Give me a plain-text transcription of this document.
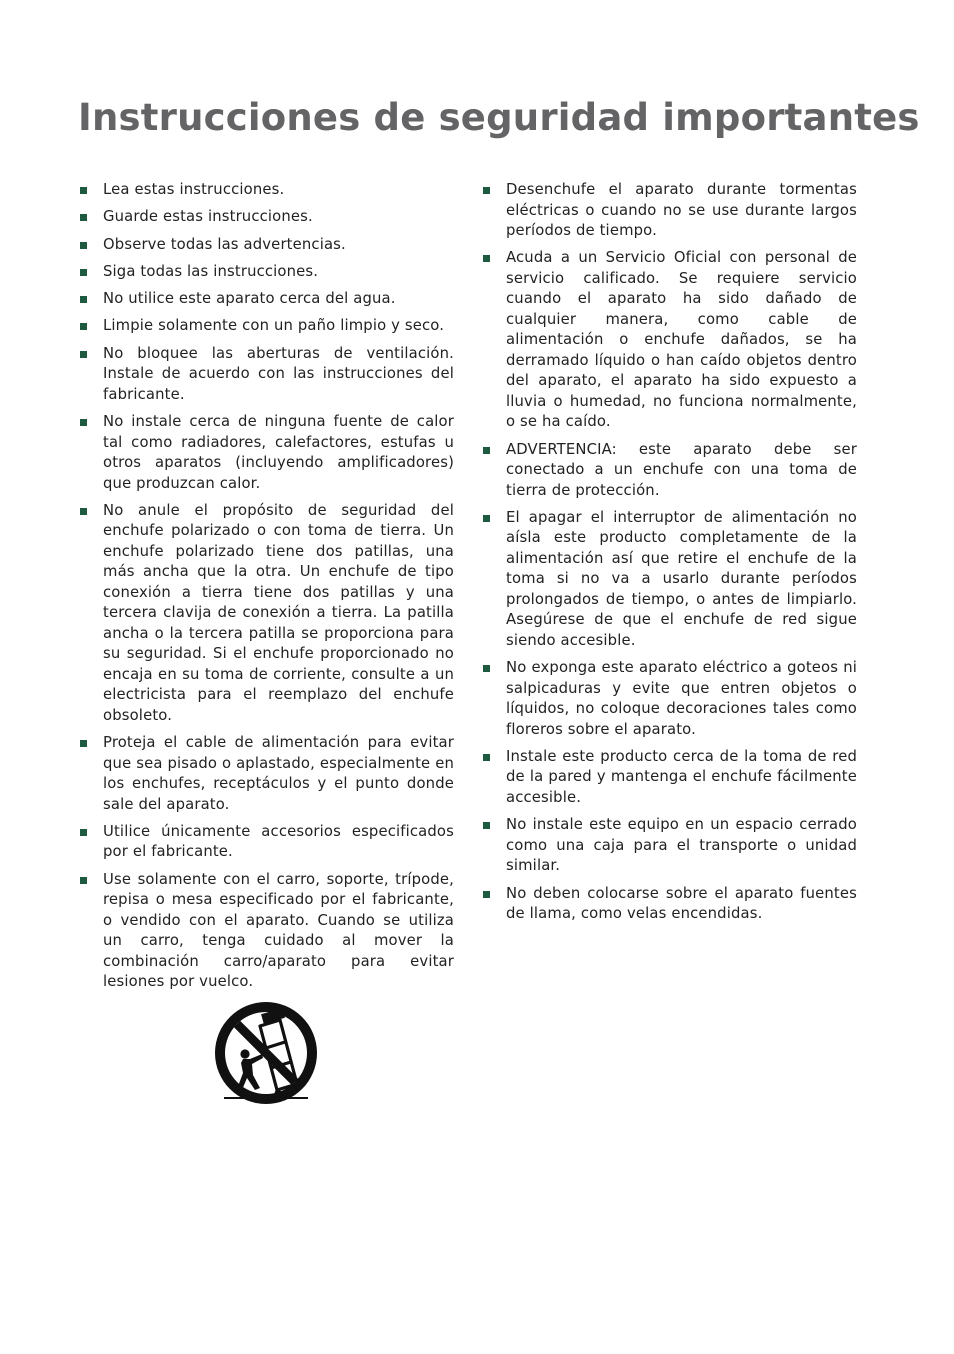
Instrucciones de seguridad importantes
Lea estas instrucciones.
Guarde estas instrucciones.
Observe todas las advertencias.
Siga todas las instrucciones.
No utilice este aparato cerca del agua.
Limpie solamente con un paño limpio y seco.
No bloquee las aberturas de ventilación. Instale de acuerdo con las instrucciones del fabricante.
No instale cerca de ninguna fuente de calor tal como radiadores, calefactores, estufas u otros aparatos (incluyendo amplificadores) que produzcan calor.
No anule el propósito de seguridad del enchufe polarizado o con toma de tierra. Un enchufe polarizado tiene dos patillas, una más ancha que la otra. Un enchufe de tipo conexión a tierra tiene dos patillas y una tercera clavija de conexión a tierra. La patilla ancha o la tercera patilla se proporciona para su seguridad. Si el enchufe proporcionado no encaja en su toma de corriente, consulte a un electricista para el reemplazo del enchufe obsoleto.
Proteja el cable de alimentación para evitar que sea pisado o aplastado, especialmente en los enchufes, receptáculos y el punto donde sale del aparato.
Utilice únicamente accesorios especificados por el fabricante.
Use solamente con el carro, soporte, trípode, repisa o mesa especificado por el fabricante, o vendido con el aparato. Cuando se utiliza un carro, tenga cuidado al mover la combinación carro/aparato para evitar lesiones por vuelco.
Desenchufe el aparato durante tormentas eléctricas o cuando no se use durante largos períodos de tiempo.
Acuda a un Servicio Oficial con personal de servicio calificado. Se requiere servicio cuando el aparato ha sido dañado de cualquier manera, como cable de alimentación o enchufe dañados, se ha derramado líquido o han caído objetos dentro del aparato, el aparato ha sido expuesto a lluvia o humedad, no funciona normalmente, o se ha caído.
ADVERTENCIA: este aparato debe ser conectado a un enchufe con una toma de tierra de protección.
El apagar el interruptor de alimentación no aísla este producto completamente de la alimentación así que retire el enchufe de la toma si no va a usarlo durante períodos prolongados de tiempo, o antes de limpiarlo. Asegúrese de que el enchufe de red sigue siendo accesible.
No exponga este aparato eléctrico a goteos ni salpicaduras y evite que entren objetos o líquidos, no coloque decoraciones tales como floreros sobre el aparato.
Instale este producto cerca de la toma de red de la pared y mantenga el enchufe fácilmente accesible.
No instale este equipo en un espacio cerrado como una caja para el transporte o unidad similar.
No deben colocarse sobre el aparato fuentes de llama, como velas encendidas.
